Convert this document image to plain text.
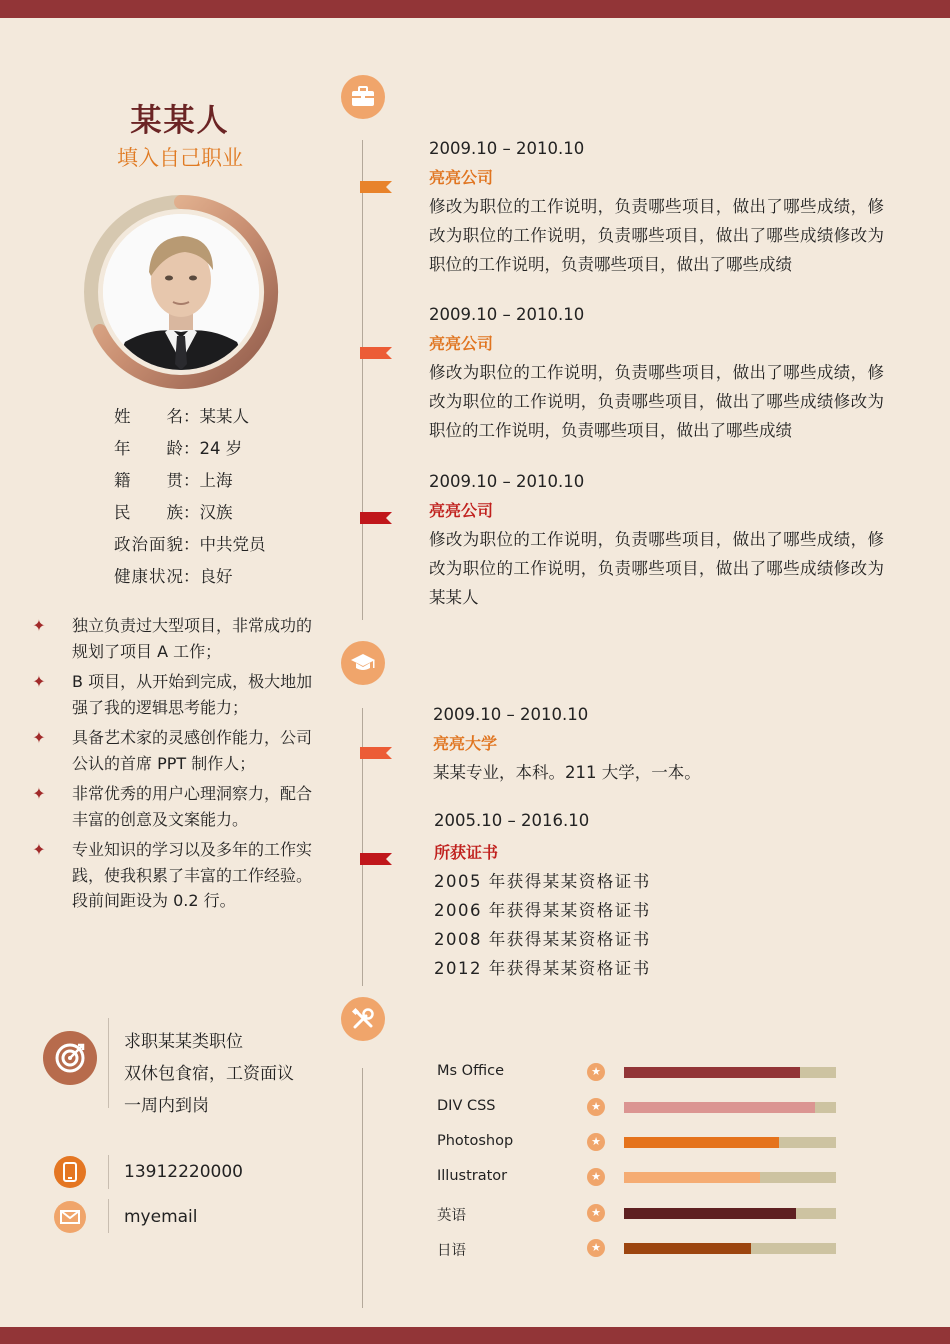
某某人
填入自己职业
姓名：某某人
年龄：24 岁
籍贯：上海
民族：汉族
政治面貌：中共党员
健康状况：良好
✦ 独立负责过大型项目，非常成功的规划了项目 A 工作；
✦ B 项目，从开始到完成，极大地加强了我的逻辑思考能力；
✦ 具备艺术家的灵感创作能力，公司公认的首席 PPT 制作人；
✦ 非常优秀的用户心理洞察力，配合丰富的创意及文案能力。
✦ 专业知识的学习以及多年的工作实践，使我积累了丰富的工作经验。段前间距设为 0.2 行。
2009.10 – 2010.10
亮亮公司
修改为职位的工作说明，负责哪些项目，做出了哪些成绩，修改为职位的工作说明，负责哪些项目，做出了哪些成绩修改为职位的工作说明，负责哪些项目，做出了哪些成绩
2009.10 – 2010.10
亮亮公司
修改为职位的工作说明，负责哪些项目，做出了哪些成绩，修改为职位的工作说明，负责哪些项目，做出了哪些成绩修改为职位的工作说明，负责哪些项目，做出了哪些成绩
2009.10 – 2010.10
亮亮公司
修改为职位的工作说明，负责哪些项目，做出了哪些成绩，修改为职位的工作说明，负责哪些项目，做出了哪些成绩修改为某某人
2009.10 – 2010.10
亮亮大学
某某专业，本科。211 大学，一本。
2005.10 – 2016.10
所获证书
2005 年获得某某资格证书
2006 年获得某某资格证书
2008 年获得某某资格证书
2012 年获得某某资格证书
求职某某类职位
双休包食宿，工资面议
一周内到岗
13912220000
myemail
Ms Office	★
DIV CSS	★
Photoshop	★
Illustrator	★
英语	★
日语	★
